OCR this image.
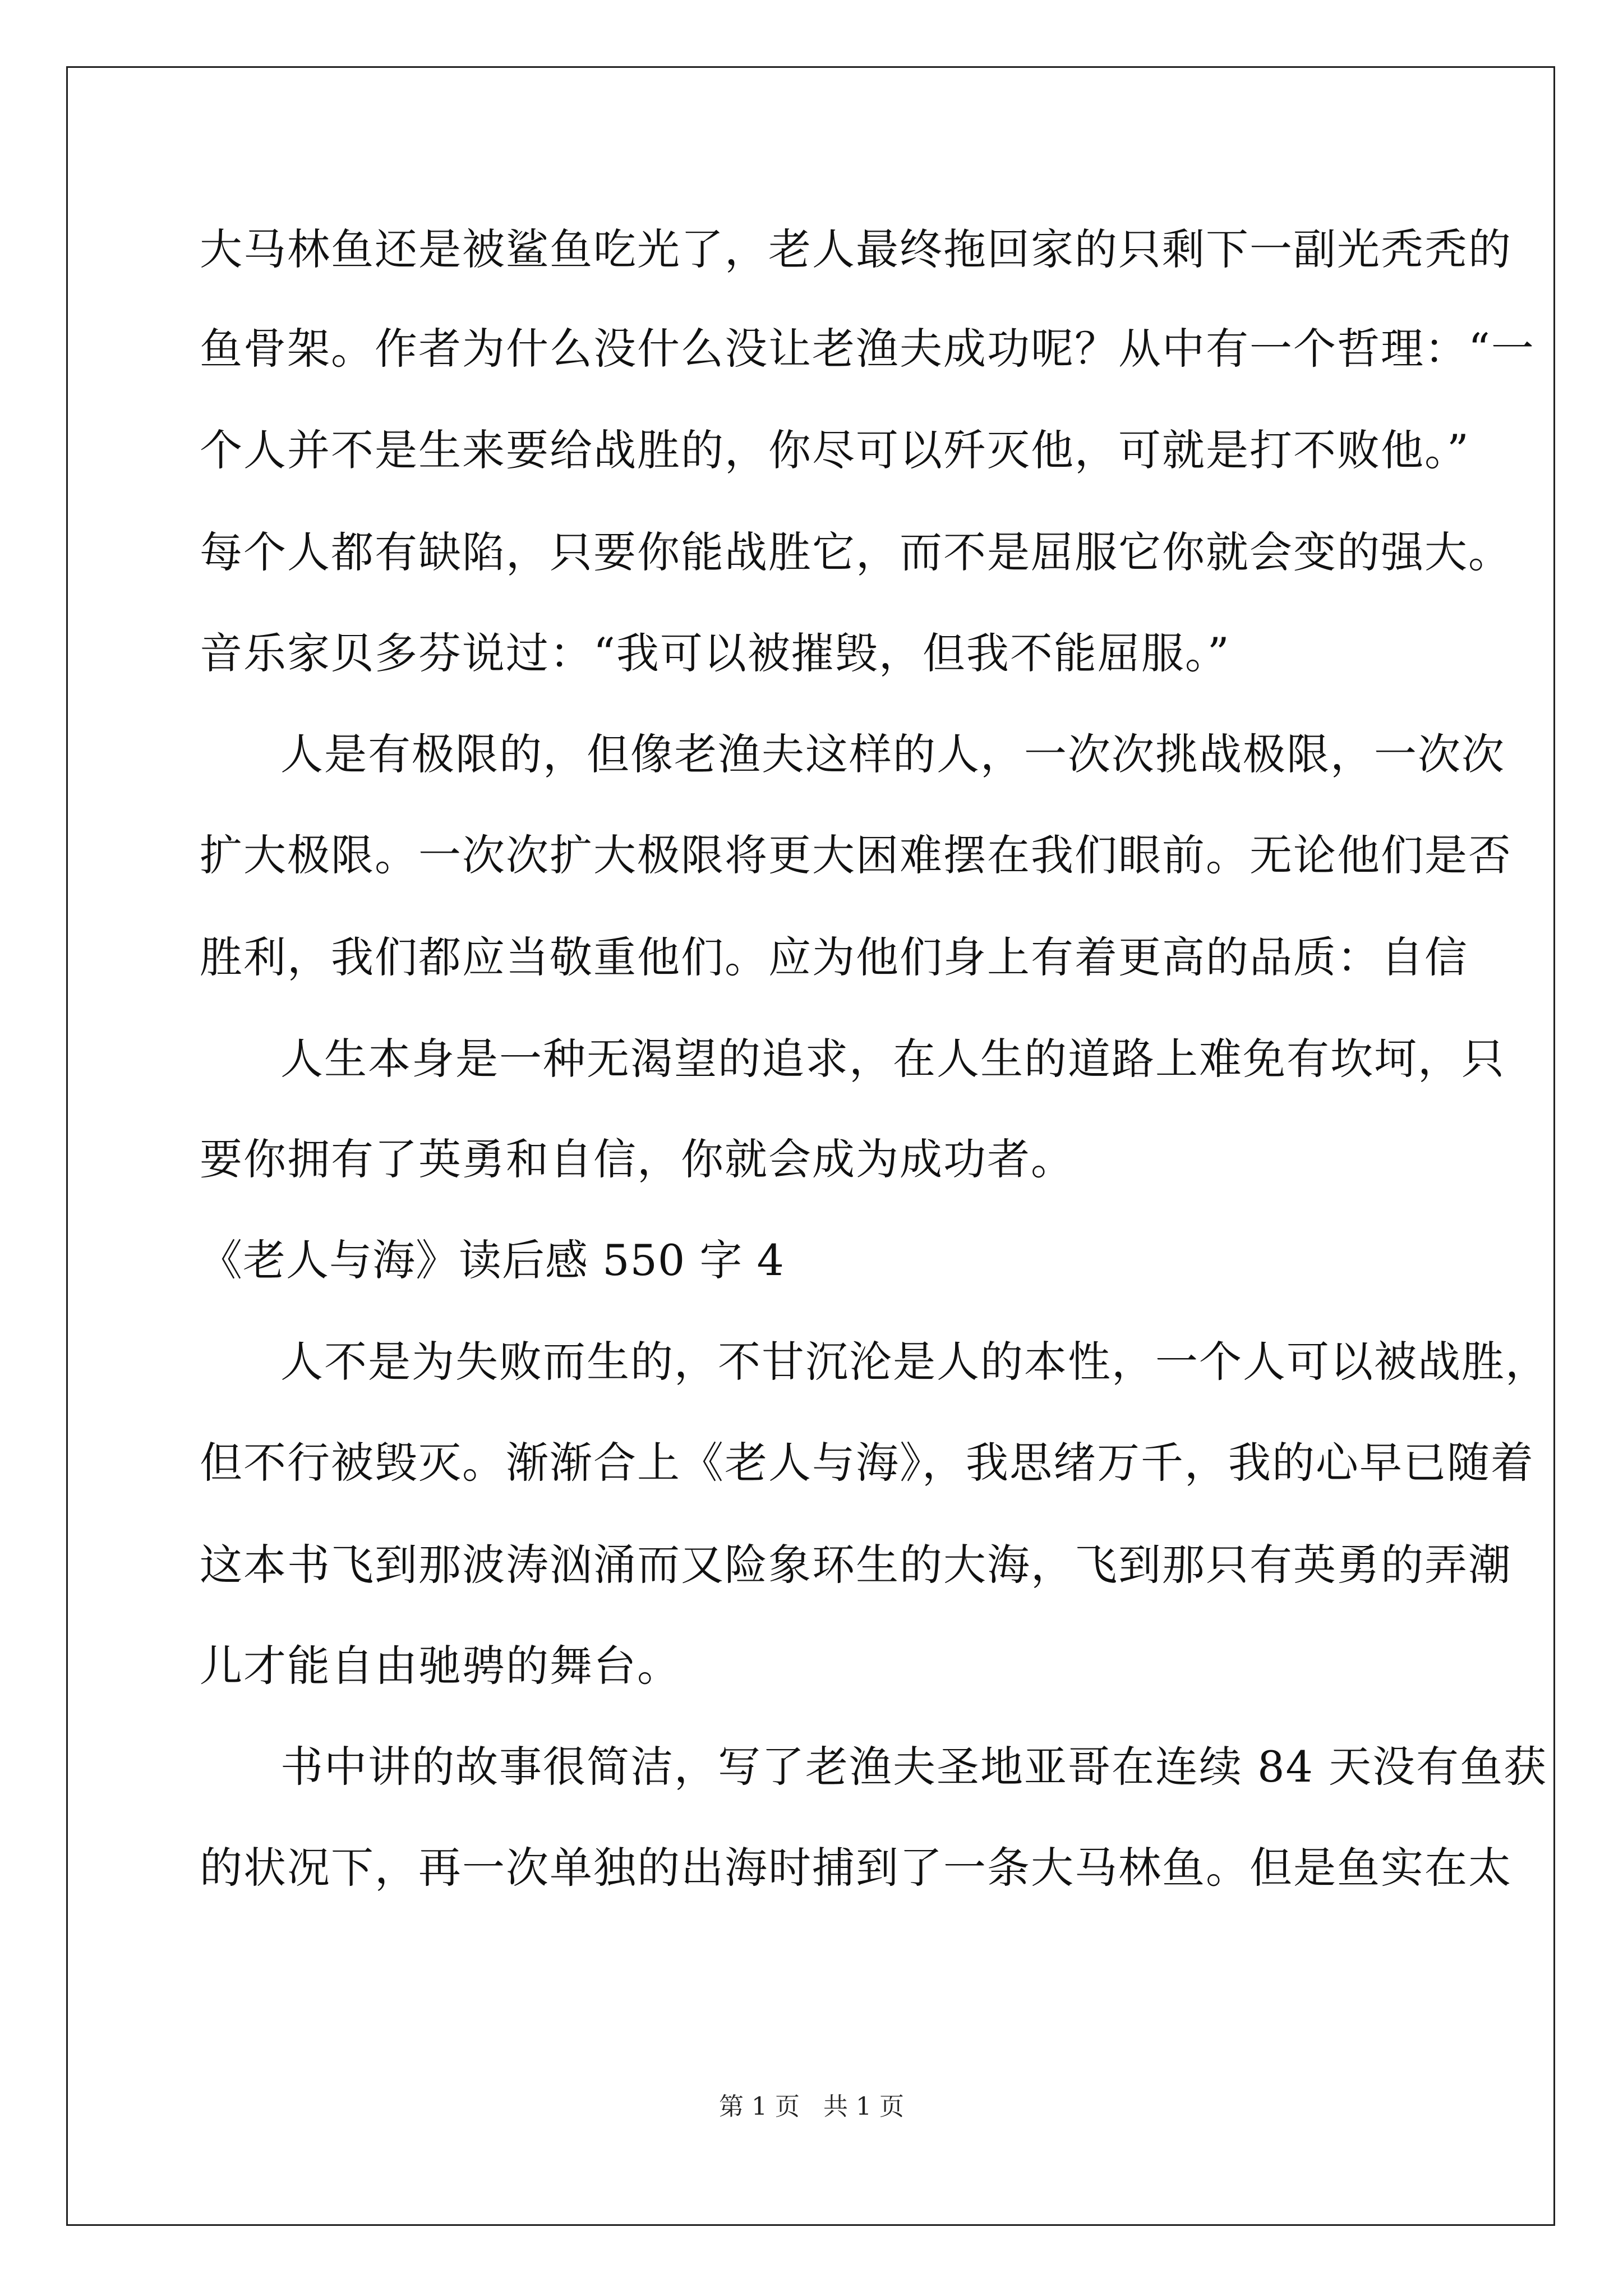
大马林鱼还是被鲨鱼吃光了，老人最终拖回家的只剩下一副光秃秃的
鱼骨架。作者为什么没什么没让老渔夫成功呢？从中有一个哲理：“一
个人并不是生来要给战胜的，你尽可以歼灭他，可就是打不败他。”
每个人都有缺陷，只要你能战胜它，而不是屈服它你就会变的强大。
音乐家贝多芬说过：“我可以被摧毁，但我不能屈服。”
人是有极限的，但像老渔夫这样的人，一次次挑战极限，一次次
扩大极限。一次次扩大极限将更大困难摆在我们眼前。无论他们是否
胜利，我们都应当敬重他们。应为他们身上有着更高的品质：自信
人生本身是一种无渴望的追求，在人生的道路上难免有坎坷，只
要你拥有了英勇和自信，你就会成为成功者。
《老人与海》读后感 550 字 4
人不是为失败而生的，不甘沉沦是人的本性，一个人可以被战胜，
但不行被毁灭。渐渐合上《老人与海》，我思绪万千，我的心早已随着
这本书飞到那波涛汹涌而又险象环生的大海，飞到那只有英勇的弄潮
儿才能自由驰骋的舞台。
书中讲的故事很简洁，写了老渔夫圣地亚哥在连续 84 天没有鱼获
的状况下，再一次单独的出海时捕到了一条大马林鱼。但是鱼实在太
第 1 页 共 1 页
